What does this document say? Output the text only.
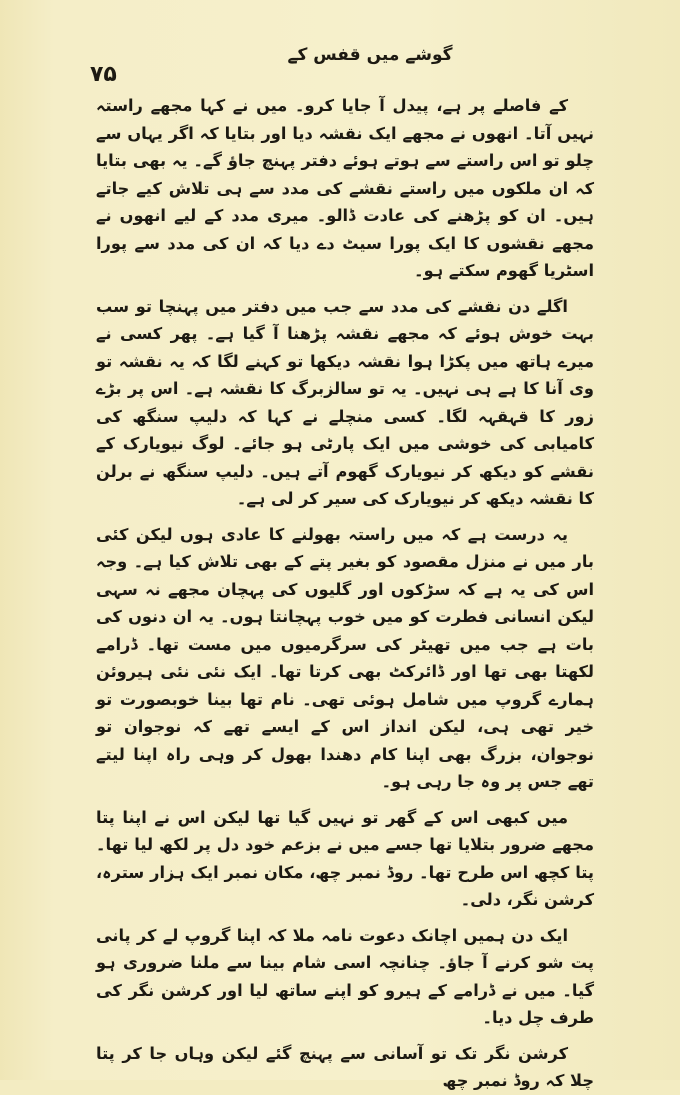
۷۵
گوشے میں قفس کے

کے فاصلے پر ہے، پیدل آ جایا کرو۔ میں نے کہا مجھے راستہ نہیں آتا۔ انھوں نے مجھے ایک نقشہ دیا اور بتایا کہ اگر یہاں سے چلو تو اس راستے سے ہوتے ہوئے دفتر پہنچ جاؤ گے۔ یہ بھی بتایا کہ ان ملکوں میں راستے نقشے کی مدد سے ہی تلاش کیے جاتے ہیں۔ ان کو پڑھنے کی عادت ڈالو۔ میری مدد کے لیے انھوں نے مجھے نقشوں کا ایک پورا سیٹ دے دیا کہ ان کی مدد سے پورا اسٹریا گھوم سکتے ہو۔

اگلے دن نقشے کی مدد سے جب میں دفتر میں پہنچا تو سب بہت خوش ہوئے کہ مجھے نقشہ پڑھنا آ گیا ہے۔ پھر کسی نے میرے ہاتھ میں پکڑا ہوا نقشہ دیکھا تو کہنے لگا کہ یہ نقشہ تو وی آنا کا ہے ہی نہیں۔ یہ تو سالزبرگ کا نقشہ ہے۔ اس پر بڑے زور کا قہقہہ لگا۔ کسی منچلے نے کہا کہ دلیپ سنگھ کی کامیابی کی خوشی میں ایک پارٹی ہو جائے۔ لوگ نیویارک کے نقشے کو دیکھ کر نیویارک گھوم آتے ہیں۔ دلیپ سنگھ نے برلن کا نقشہ دیکھ کر نیویارک کی سیر کر لی ہے۔

یہ درست ہے کہ میں راستہ بھولنے کا عادی ہوں لیکن کئی بار میں نے منزل مقصود کو بغیر پتے کے بھی تلاش کیا ہے۔ وجہ اس کی یہ ہے کہ سڑکوں اور گلیوں کی پہچان مجھے نہ سہی لیکن انسانی فطرت کو میں خوب پہچانتا ہوں۔ یہ ان دنوں کی بات ہے جب میں تھیٹر کی سرگرمیوں میں مست تھا۔ ڈرامے لکھتا بھی تھا اور ڈائرکٹ بھی کرتا تھا۔ ایک نئی نئی ہیروئن ہمارے گروپ میں شامل ہوئی تھی۔ نام تھا بینا خوبصورت تو خیر تھی ہی، لیکن انداز اس کے ایسے تھے کہ نوجوان تو نوجوان، بزرگ بھی اپنا کام دھندا بھول کر وہی راہ اپنا لیتے تھے جس پر وہ جا رہی ہو۔

میں کبھی اس کے گھر تو نہیں گیا تھا لیکن اس نے اپنا پتا مجھے ضرور بتلایا تھا جسے میں نے بزعم خود دل پر لکھ لیا تھا۔ پتا کچھ اس طرح تھا۔ روڈ نمبر چھ، مکان نمبر ایک ہزار سترہ، کرشن نگر، دلی۔

ایک دن ہمیں اچانک دعوت نامہ ملا کہ اپنا گروپ لے کر پانی پت شو کرنے آ جاؤ۔ چنانچہ اسی شام بینا سے ملنا ضروری ہو گیا۔ میں نے ڈرامے کے ہیرو کو اپنے ساتھ لیا اور کرشن نگر کی طرف چل دیا۔

کرشن نگر تک تو آسانی سے پہنچ گئے لیکن وہاں جا کر پتا چلا کہ روڈ نمبر چھ
